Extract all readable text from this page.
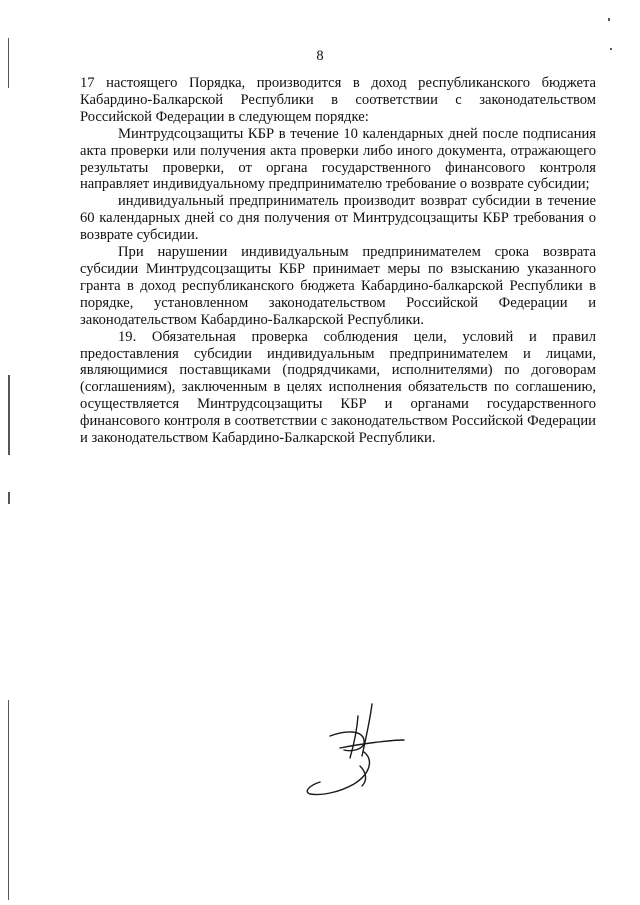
8

17 настоящего Порядка, производится в доход республиканского бюджета Кабардино-Балкарской Республики в соответствии с законодательством Российской Федерации в следующем порядке:

Минтрудсоцзащиты КБР в течение 10 календарных дней после подписания акта проверки или получения акта проверки либо иного документа, отражающего результаты проверки, от органа государственного финансового контроля направляет индивидуальному предпринимателю требование о возврате субсидии;

индивидуальный предприниматель производит возврат субсидии в течение 60 календарных дней со дня получения от Минтрудсоцзащиты КБР требования о возврате субсидии.

При нарушении индивидуальным предпринимателем срока возврата субсидии Минтрудсоцзащиты КБР принимает меры по взысканию указанного гранта в доход республиканского бюджета Кабардино-балкарской Республики в порядке, установленном законодательством Российской Федерации и законодательством Кабардино-Балкарской Республики.

19. Обязательная проверка соблюдения цели, условий и правил предоставления субсидии индивидуальным предпринимателем и лицами, являющимися поставщиками (подрядчиками, исполнителями) по договорам (соглашениям), заключенным в целях исполнения обязательств по соглашению, осуществляется Минтрудсоцзащиты КБР и органами государственного финансового контроля в соответствии с законодательством Российской Федерации и законодательством Кабардино-Балкарской Республики.
